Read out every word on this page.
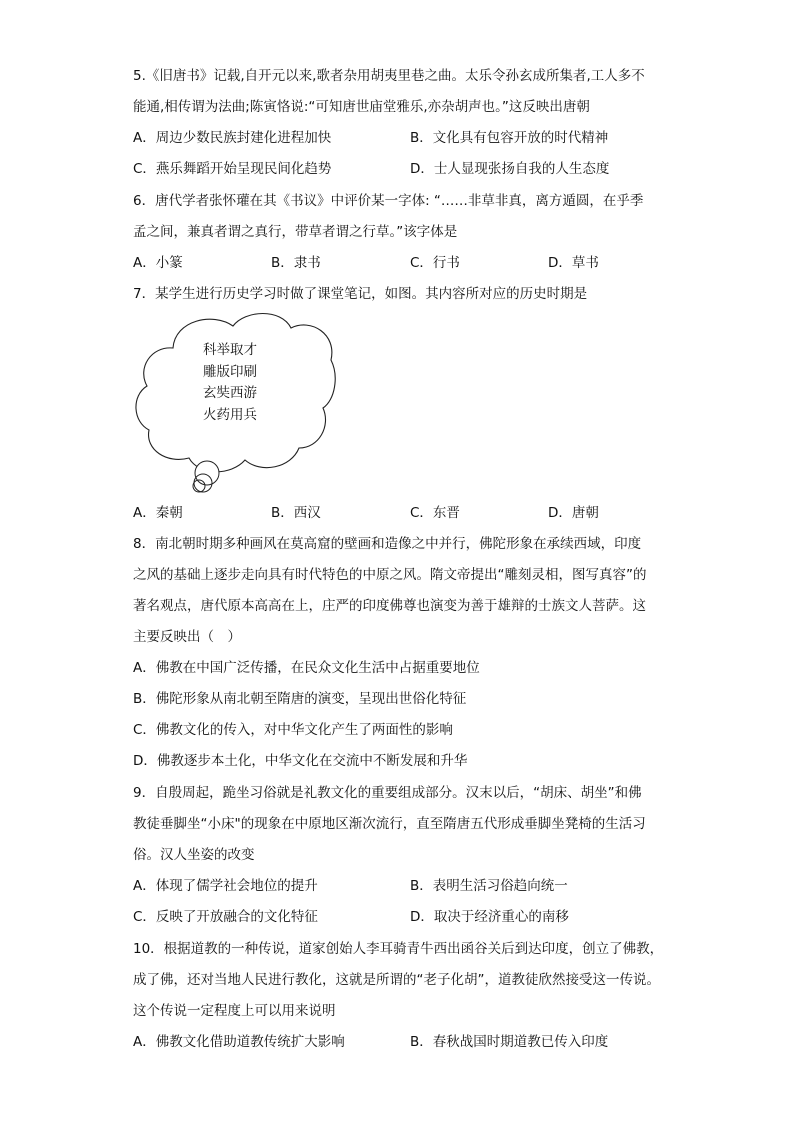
5.《旧唐书》记载,自开元以来,歌者杂用胡夷里巷之曲。太乐令孙玄成所集者,工人多不
能通,相传谓为法曲;陈寅恪说:“可知唐世庙堂雅乐,亦杂胡声也。”这反映出唐朝
A．周边少数民族封建化进程加快	B．文化具有包容开放的时代精神
C．燕乐舞蹈开始呈现民间化趋势	D．士人显现张扬自我的人生态度
6．唐代学者张怀瓘在其《书议》中评价某一字体: “……非草非真，离方遁圆，在乎季
孟之间，兼真者谓之真行，带草者谓之行草。”该字体是
A．小篆	B．隶书	C．行书	D．草书
7．某学生进行历史学习时做了课堂笔记，如图。其内容所对应的历史时期是
科举取才
雕版印刷
玄奘西游
火药用兵
A．秦朝	B．西汉	C．东晋	D．唐朝
8．南北朝时期多种画风在莫高窟的壁画和造像之中并行，佛陀形象在承续西域，印度
之风的基础上逐步走向具有时代特色的中原之风。隋文帝提出“雕刻灵相，图写真容”的
著名观点，唐代原本高高在上，庄严的印度佛尊也演变为善于雄辩的士族文人菩萨。这
主要反映出（　）
A．佛教在中国广泛传播，在民众文化生活中占据重要地位
B．佛陀形象从南北朝至隋唐的演变，呈现出世俗化特征
C．佛教文化的传入，对中华文化产生了两面性的影响
D．佛教逐步本土化，中华文化在交流中不断发展和升华
9．自殷周起，跪坐习俗就是礼教文化的重要组成部分。汉末以后，“胡床、胡坐”和佛
教徒垂脚坐“小床"的现象在中原地区渐次流行，直至隋唐五代形成垂脚坐凳椅的生活习
俗。汉人坐姿的改变
A．体现了儒学社会地位的提升	B．表明生活习俗趋向统一
C．反映了开放融合的文化特征	D．取决于经济重心的南移
10．根据道教的一种传说，道家创始人李耳骑青牛西出函谷关后到达印度，创立了佛教，
成了佛，还对当地人民进行教化，这就是所谓的“老子化胡”，道教徒欣然接受这一传说。
这个传说一定程度上可以用来说明
A．佛教文化借助道教传统扩大影响	B．春秋战国时期道教已传入印度
